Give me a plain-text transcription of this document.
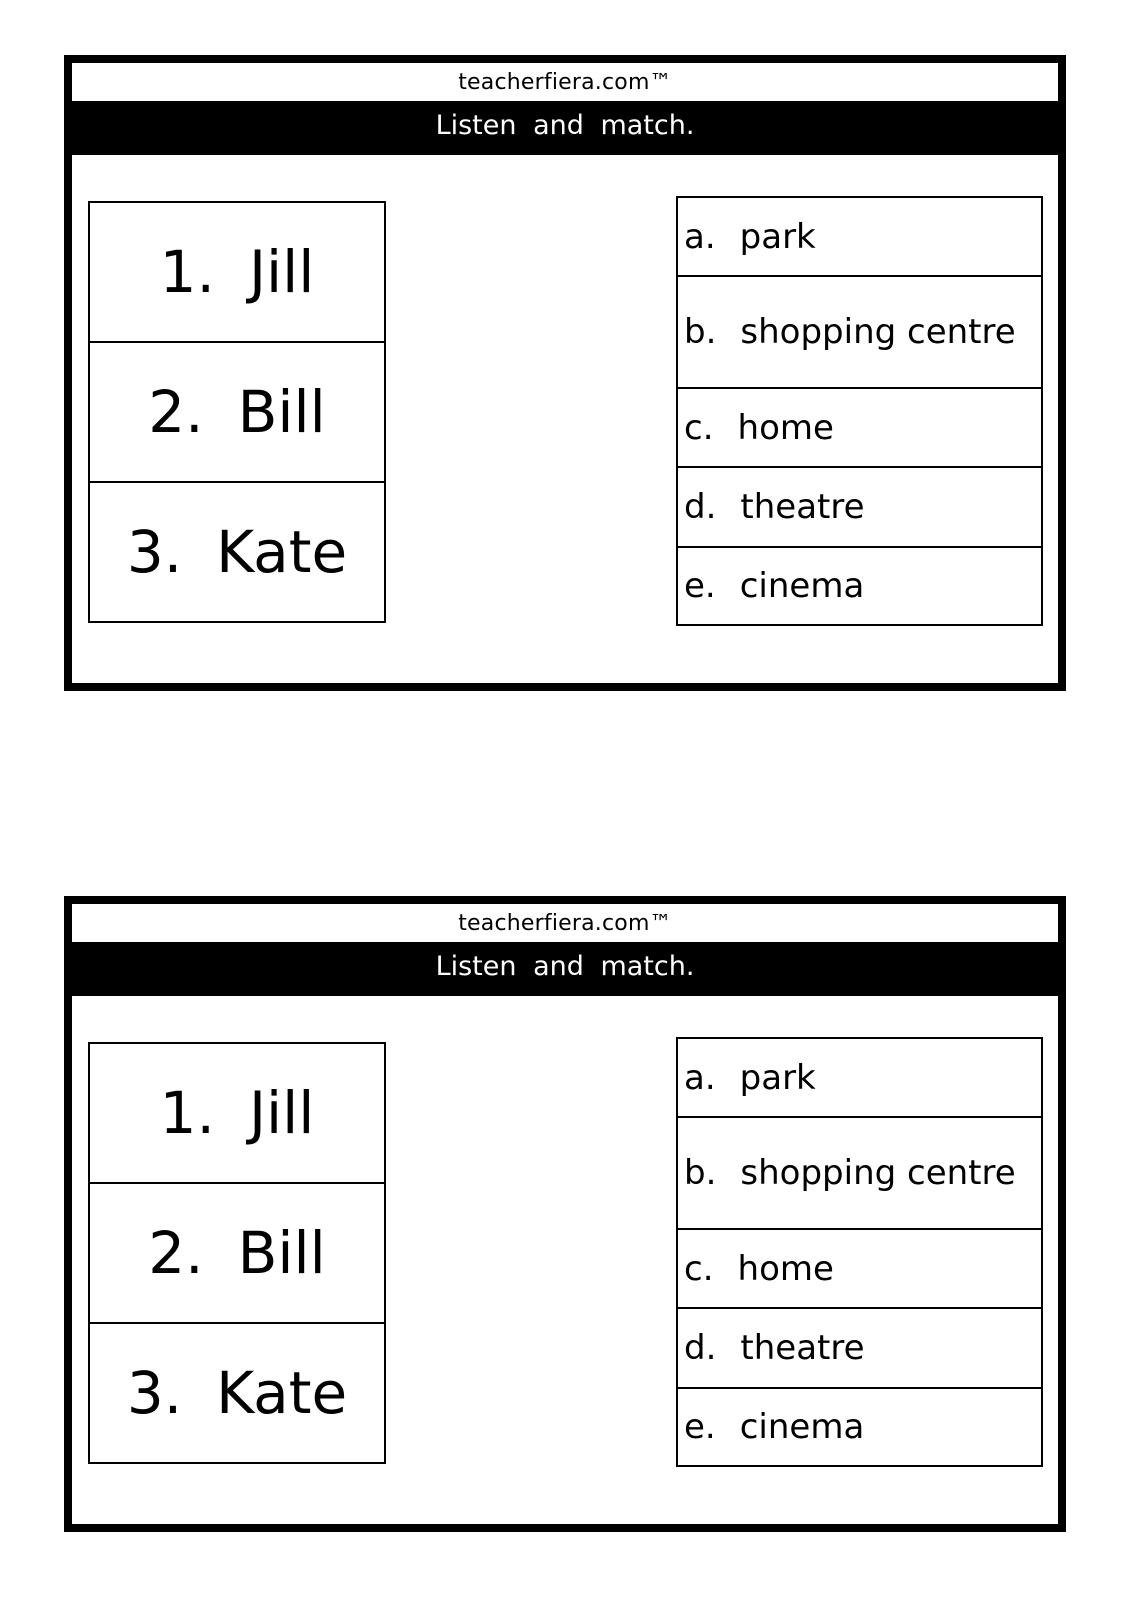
teacherfiera.com™
Listen and match.
1. Jill
2. Bill
3. Kate
a. park
b. shopping centre
c. home
d. theatre
e. cinema
teacherfiera.com™
Listen and match.
1. Jill
2. Bill
3. Kate
a. park
b. shopping centre
c. home
d. theatre
e. cinema
